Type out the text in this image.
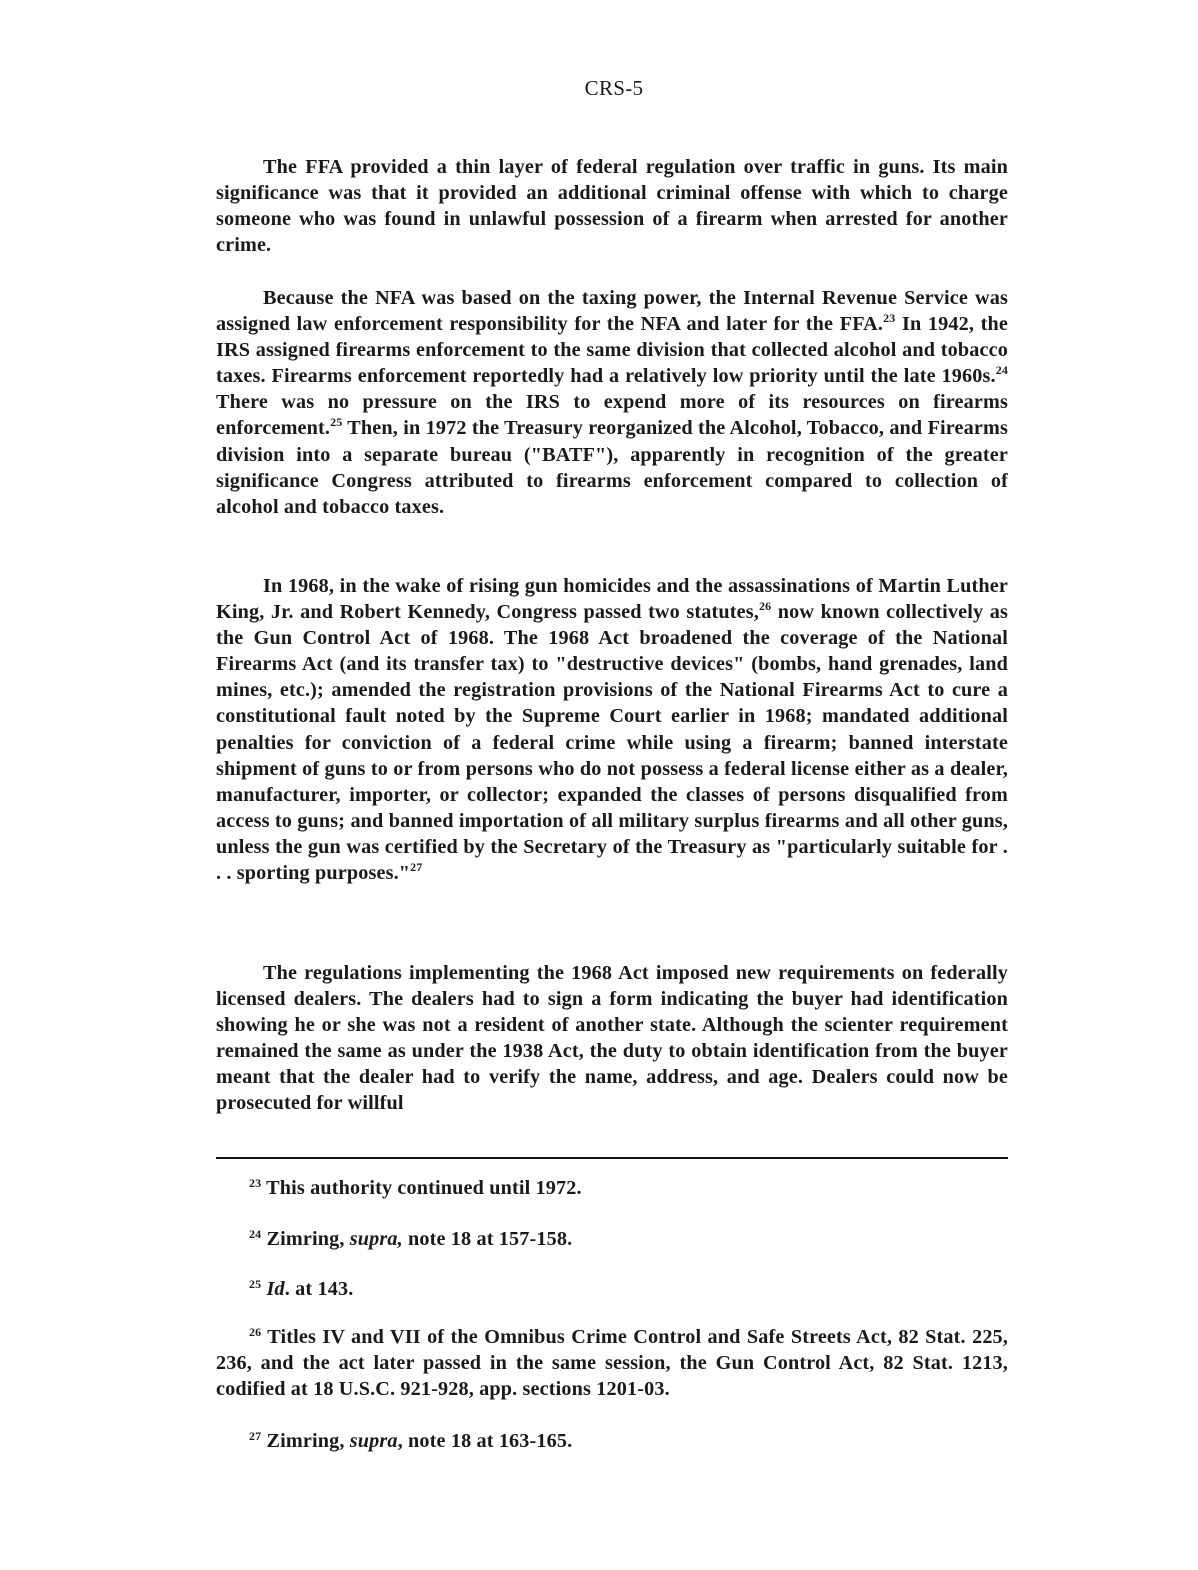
CRS-5

The FFA provided a thin layer of federal regulation over traffic in guns. Its main significance was that it provided an additional criminal offense with which to charge someone who was found in unlawful possession of a firearm when arrested for another crime.

Because the NFA was based on the taxing power, the Internal Revenue Service was assigned law enforcement responsibility for the NFA and later for the FFA.$^{23}$ In 1942, the IRS assigned firearms enforcement to the same division that collected alcohol and tobacco taxes. Firearms enforcement reportedly had a relatively low priority until the late 1960s.$^{24}$ There was no pressure on the IRS to expend more of its resources on firearms enforcement.$^{25}$ Then, in 1972 the Treasury reorganized the Alcohol, Tobacco, and Firearms division into a separate bureau ("BATF"), apparently in recognition of the greater significance Congress attributed to firearms enforcement compared to collection of alcohol and tobacco taxes.

In 1968, in the wake of rising gun homicides and the assassinations of Martin Luther King, Jr. and Robert Kennedy, Congress passed two statutes,$^{26}$ now known collectively as the Gun Control Act of 1968. The 1968 Act broadened the coverage of the National Firearms Act (and its transfer tax) to "destructive devices" (bombs, hand grenades, land mines, etc.); amended the registration provisions of the National Firearms Act to cure a constitutional fault noted by the Supreme Court earlier in 1968; mandated additional penalties for conviction of a federal crime while using a firearm; banned interstate shipment of guns to or from persons who do not possess a federal license either as a dealer, manufacturer, importer, or collector; expanded the classes of persons disqualified from access to guns; and banned importation of all military surplus firearms and all other guns, unless the gun was certified by the Secretary of the Treasury as "particularly suitable for . . . sporting purposes."$^{27}$

The regulations implementing the 1968 Act imposed new requirements on federally licensed dealers. The dealers had to sign a form indicating the buyer had identification showing he or she was not a resident of another state. Although the scienter requirement remained the same as under the 1938 Act, the duty to obtain identification from the buyer meant that the dealer had to verify the name, address, and age. Dealers could now be prosecuted for willful

$^{23}$ This authority continued until 1972.

$^{24}$ Zimring, supra, note 18 at 157-158.

$^{25}$ Id. at 143.

$^{26}$ Titles IV and VII of the Omnibus Crime Control and Safe Streets Act, 82 Stat. 225, 236, and the act later passed in the same session, the Gun Control Act, 82 Stat. 1213, codified at 18 U.S.C. 921-928, app. sections 1201-03.

$^{27}$ Zimring, supra, note 18 at 163-165.
